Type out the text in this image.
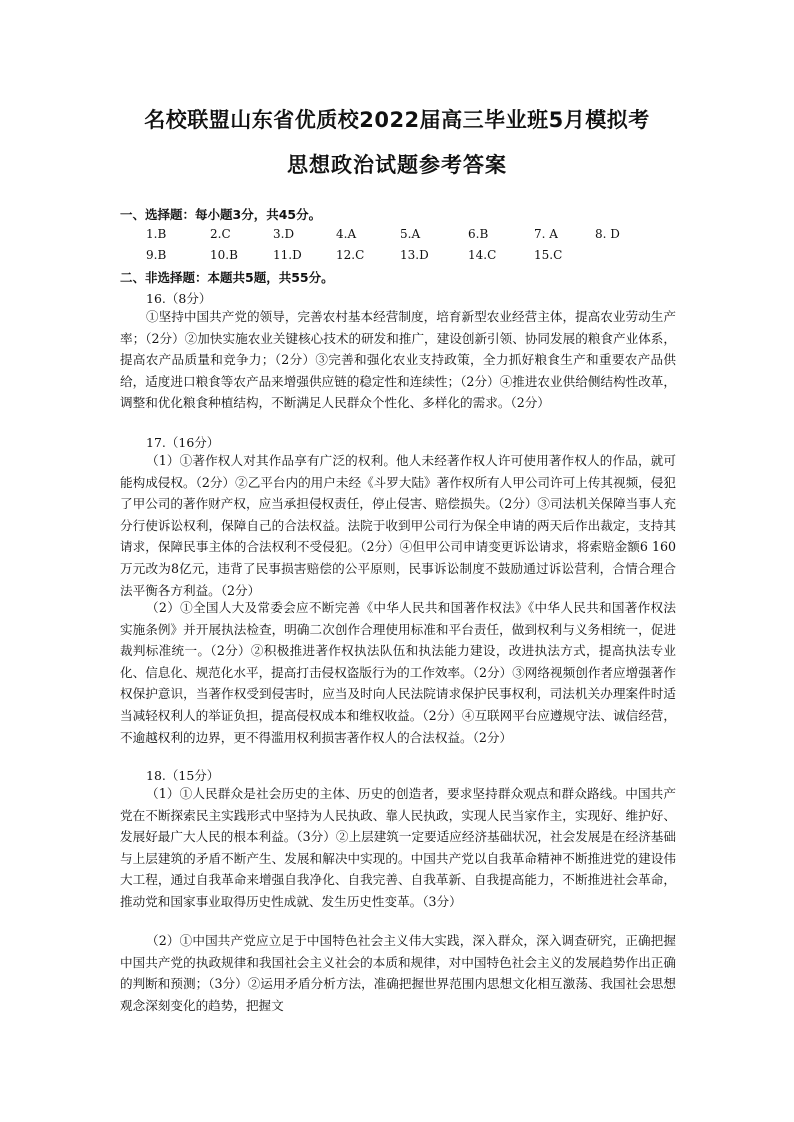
名校联盟山东省优质校2022届高三毕业班5月模拟考
思想政治试题参考答案
一、选择题：每小题3分，共45分。
1.B	2.C	3.D	4.A	5.A	6.B	7. A	8. D
9.B	10.B	11.D	12.C	13.D	14.C	15.C
二、非选择题：本题共5题，共55分。
16.（8分）
①坚持中国共产党的领导，完善农村基本经营制度，培育新型农业经营主体，提高农业劳动生产率；（2分）②加快实施农业关键核心技术的研发和推广，建设创新引领、协同发展的粮食产业体系，提高农产品质量和竞争力；（2分）③完善和强化农业支持政策，全力抓好粮食生产和重要农产品供给，适度进口粮食等农产品来增强供应链的稳定性和连续性；（2分）④推进农业供给侧结构性改革，调整和优化粮食种植结构，不断满足人民群众个性化、多样化的需求。（2分）
17.（16分）
（1）①著作权人对其作品享有广泛的权利。他人未经著作权人许可使用著作权人的作品，就可能构成侵权。（2分）②乙平台内的用户未经《斗罗大陆》著作权所有人甲公司许可上传其视频，侵犯了甲公司的著作财产权，应当承担侵权责任，停止侵害、赔偿损失。（2分）③司法机关保障当事人充分行使诉讼权利，保障自己的合法权益。法院于收到甲公司行为保全申请的两天后作出裁定，支持其请求，保障民事主体的合法权利不受侵犯。（2分）④但甲公司申请变更诉讼请求，将索赔金额6 160万元改为8亿元，违背了民事损害赔偿的公平原则，民事诉讼制度不鼓励通过诉讼营利，合情合理合法平衡各方利益。（2分）
（2）①全国人大及常委会应不断完善《中华人民共和国著作权法》《中华人民共和国著作权法实施条例》并开展执法检查，明确二次创作合理使用标准和平台责任，做到权利与义务相统一，促进裁判标准统一。（2分）②积极推进著作权执法队伍和执法能力建设，改进执法方式，提高执法专业化、信息化、规范化水平，提高打击侵权盗版行为的工作效率。（2分）③网络视频创作者应增强著作权保护意识，当著作权受到侵害时，应当及时向人民法院请求保护民事权利，司法机关办理案件时适当减轻权利人的举证负担，提高侵权成本和维权收益。（2分）④互联网平台应遵规守法、诚信经营，不逾越权利的边界，更不得滥用权利损害著作权人的合法权益。（2分）
18.（15分）
（1）①人民群众是社会历史的主体、历史的创造者，要求坚持群众观点和群众路线。中国共产党在不断探索民主实践形式中坚持为人民执政、靠人民执政，实现人民当家作主，实现好、维护好、发展好最广大人民的根本利益。（3分）②上层建筑一定要适应经济基础状况，社会发展是在经济基础与上层建筑的矛盾不断产生、发展和解决中实现的。中国共产党以自我革命精神不断推进党的建设伟大工程，通过自我革命来增强自我净化、自我完善、自我革新、自我提高能力，不断推进社会革命，推动党和国家事业取得历史性成就、发生历史性变革。（3分）
（2）①中国共产党应立足于中国特色社会主义伟大实践，深入群众，深入调查研究，正确把握中国共产党的执政规律和我国社会主义社会的本质和规律，对中国特色社会主义的发展趋势作出正确的判断和预测；（3分）②运用矛盾分析方法，准确把握世界范围内思想文化相互激荡、我国社会思想观念深刻变化的趋势，把握文
